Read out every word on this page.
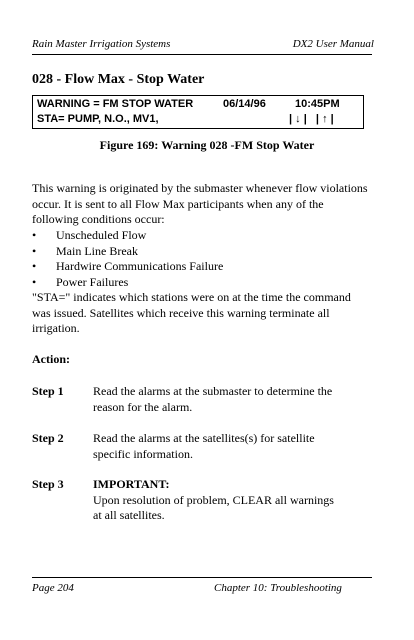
Rain Master Irrigation Systems	DX2 User Manual
028 - Flow Max - Stop Water
WARNING = FM STOP WATER	06/14/96	10:45PM
STA= PUMP, N.O., MV1,	| ↓ |   | ↑ |
Figure 169: Warning 028 -FM Stop Water
This warning is originated by the submaster whenever flow violations occur. It is sent to all Flow Max participants when any of the following conditions occur:
• Unscheduled Flow
• Main Line Break
• Hardwire Communications Failure
• Power Failures
"STA=" indicates which stations were on at the time the command was issued. Satellites which receive this warning terminate all irrigation.
Action:
Step 1 Read the alarms at the submaster to determine the reason for the alarm.
Step 2 Read the alarms at the satellites(s) for satellite specific information.
Step 3 IMPORTANT:
Upon resolution of problem, CLEAR all warnings at all satellites.
Page 204	Chapter 10: Troubleshooting
